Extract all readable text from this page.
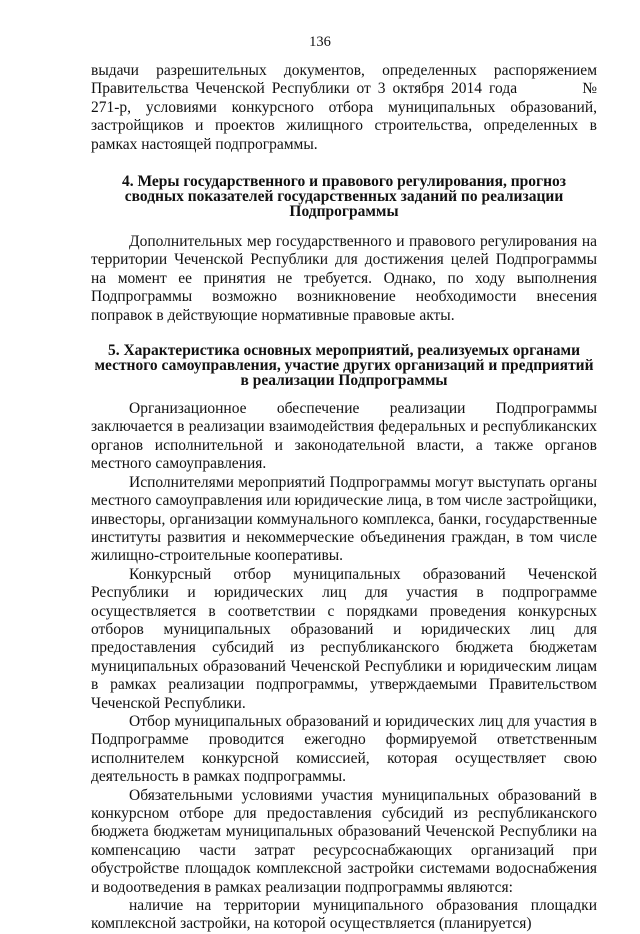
136

выдачи разрешительных документов, определенных распоряжением Правительства Чеченской Республики от 3 октября 2014 года	№ 271-р, условиями конкурсного отбора муниципальных образований, застройщиков и проектов жилищного строительства, определенных в рамках настоящей подпрограммы.

4. Меры государственного и правового регулирования, прогноз сводных показателей государственных заданий по реализации Подпрограммы

Дополнительных мер государственного и правового регулирования на территории Чеченской Республики для достижения целей Подпрограммы на момент ее принятия не требуется. Однако, по ходу выполнения Подпрограммы возможно возникновение необходимости внесения поправок в действующие нормативные правовые акты.

5. Характеристика основных мероприятий, реализуемых органами местного самоуправления, участие других организаций и предприятий в реализации Подпрограммы

Организационное обеспечение реализации Подпрограммы заключается в реализации взаимодействия федеральных и республиканских органов исполнительной и законодательной власти, а также органов местного самоуправления.

Исполнителями мероприятий Подпрограммы могут выступать органы местного самоуправления или юридические лица, в том числе застройщики, инвесторы, организации коммунального комплекса, банки, государственные институты развития и некоммерческие объединения граждан, в том числе жилищно-строительные кооперативы.

Конкурсный отбор муниципальных образований Чеченской Республики и юридических лиц для участия в подпрограмме осуществляется в соответствии с порядками проведения конкурсных отборов муниципальных образований и юридических лиц для предоставления субсидий из республиканского бюджета бюджетам муниципальных образований Чеченской Республики и юридическим лицам в рамках реализации подпрограммы, утверждаемыми Правительством Чеченской Республики.

Отбор муниципальных образований и юридических лиц для участия в Подпрограмме проводится ежегодно формируемой ответственным исполнителем конкурсной комиссией, которая осуществляет свою деятельность в рамках подпрограммы.

Обязательными условиями участия муниципальных образований в конкурсном отборе для предоставления субсидий из республиканского бюджета бюджетам муниципальных образований Чеченской Республики на компенсацию части затрат ресурсоснабжающих организаций при обустройстве площадок комплексной застройки системами водоснабжения и водоотведения в рамках реализации подпрограммы являются:

наличие на территории муниципального образования площадки комплексной застройки, на которой осуществляется (планируется)
